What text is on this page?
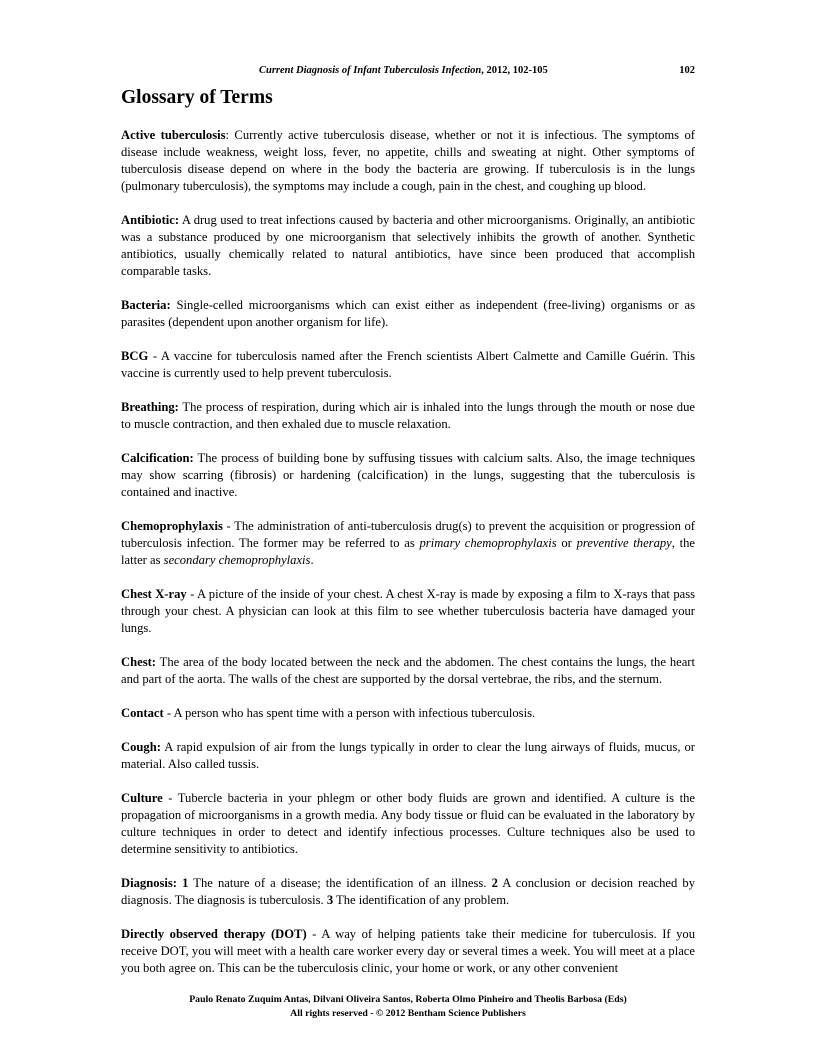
Current Diagnosis of Infant Tuberculosis Infection, 2012, 102-105	102
Glossary of Terms

Active tuberculosis: Currently active tuberculosis disease, whether or not it is infectious. The symptoms of disease include weakness, weight loss, fever, no appetite, chills and sweating at night. Other symptoms of tuberculosis disease depend on where in the body the bacteria are growing. If tuberculosis is in the lungs (pulmonary tuberculosis), the symptoms may include a cough, pain in the chest, and coughing up blood.

Antibiotic: A drug used to treat infections caused by bacteria and other microorganisms. Originally, an antibiotic was a substance produced by one microorganism that selectively inhibits the growth of another. Synthetic antibiotics, usually chemically related to natural antibiotics, have since been produced that accomplish comparable tasks.

Bacteria: Single-celled microorganisms which can exist either as independent (free-living) organisms or as parasites (dependent upon another organism for life).

BCG - A vaccine for tuberculosis named after the French scientists Albert Calmette and Camille Guérin. This vaccine is currently used to help prevent tuberculosis.

Breathing: The process of respiration, during which air is inhaled into the lungs through the mouth or nose due to muscle contraction, and then exhaled due to muscle relaxation.

Calcification: The process of building bone by suffusing tissues with calcium salts. Also, the image techniques may show scarring (fibrosis) or hardening (calcification) in the lungs, suggesting that the tuberculosis is contained and inactive.

Chemoprophylaxis - The administration of anti-tuberculosis drug(s) to prevent the acquisition or progression of tuberculosis infection. The former may be referred to as primary chemoprophylaxis or preventive therapy, the latter as secondary chemoprophylaxis.

Chest X-ray - A picture of the inside of your chest. A chest X-ray is made by exposing a film to X-rays that pass through your chest. A physician can look at this film to see whether tuberculosis bacteria have damaged your lungs.

Chest: The area of the body located between the neck and the abdomen. The chest contains the lungs, the heart and part of the aorta. The walls of the chest are supported by the dorsal vertebrae, the ribs, and the sternum.

Contact - A person who has spent time with a person with infectious tuberculosis.

Cough: A rapid expulsion of air from the lungs typically in order to clear the lung airways of fluids, mucus, or material. Also called tussis.

Culture - Tubercle bacteria in your phlegm or other body fluids are grown and identified. A culture is the propagation of microorganisms in a growth media. Any body tissue or fluid can be evaluated in the laboratory by culture techniques in order to detect and identify infectious processes. Culture techniques also be used to determine sensitivity to antibiotics.

Diagnosis: 1 The nature of a disease; the identification of an illness. 2 A conclusion or decision reached by diagnosis. The diagnosis is tuberculosis. 3 The identification of any problem.

Directly observed therapy (DOT) - A way of helping patients take their medicine for tuberculosis. If you receive DOT, you will meet with a health care worker every day or several times a week. You will meet at a place you both agree on. This can be the tuberculosis clinic, your home or work, or any other convenient

Paulo Renato Zuquim Antas, Dilvani Oliveira Santos, Roberta Olmo Pinheiro and Theolis Barbosa (Eds)
All rights reserved - © 2012 Bentham Science Publishers
